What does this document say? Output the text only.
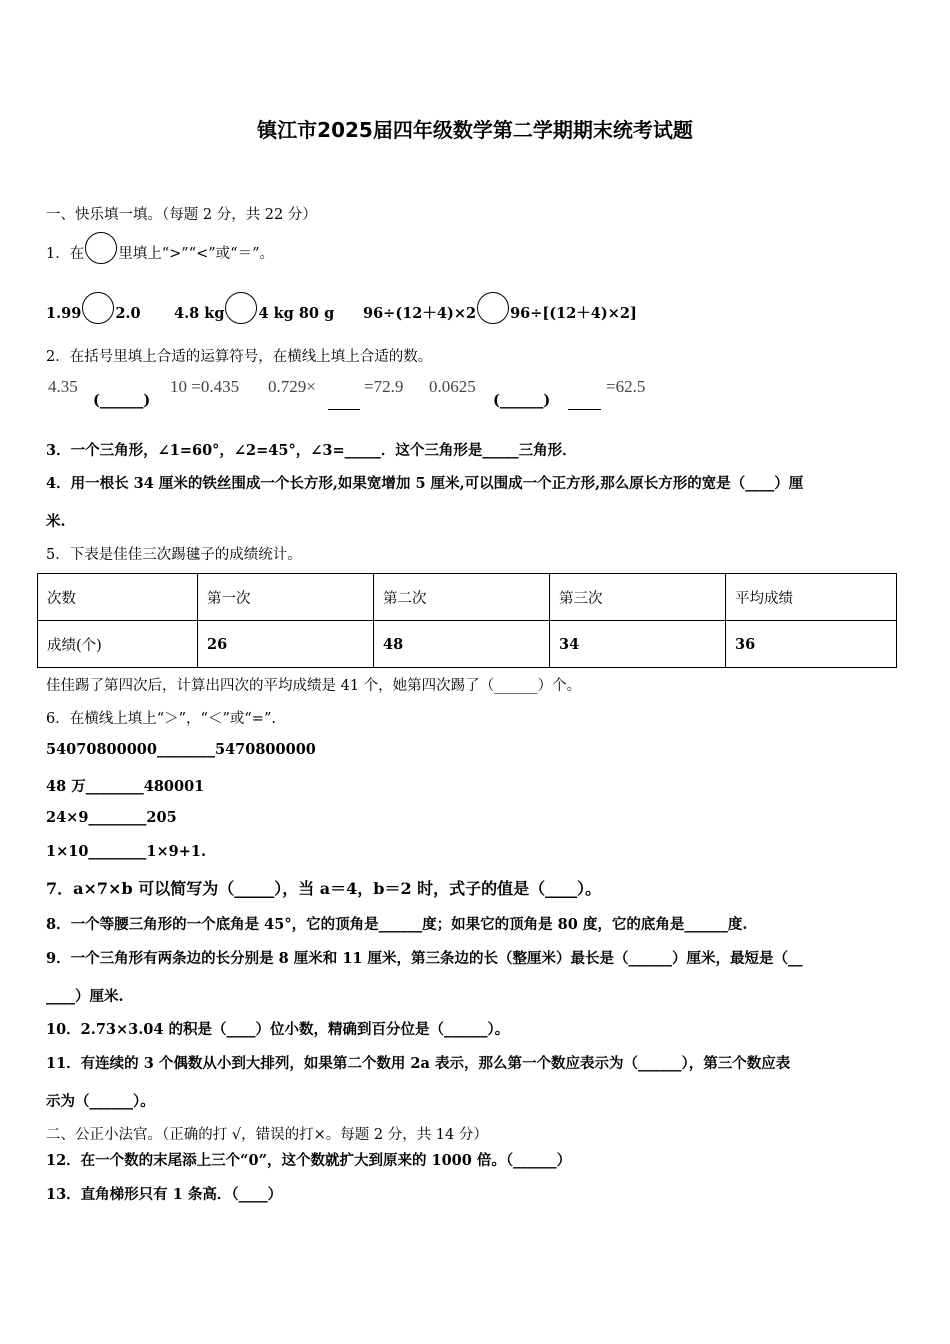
镇江市2025届四年级数学第二学期期末统考试题
一、快乐填一填。（每题 2 分，共 22 分）
1．在 里填上“>”“<”或“＝”。
1.99 2.0 4.8 kg 4 kg 80 g 96÷(12＋4)×2 96÷[(12＋4)×2]
2．在括号里填上合适的运算符号，在横线上填上合适的数。
4.35
(______)
10 =0.435 0.729×	=72.9 0.0625
(______)
=62.5
3．一个三角形，∠1=60°，∠2=45°，∠3=_____．这个三角形是_____三角形．
4．用一根长 34 厘米的铁丝围成一个长方形,如果宽增加 5 厘米,可以围成一个正方形,那么原长方形的宽是（____）厘
米.
5．下表是佳佳三次踢毽子的成绩统计。
次数	第一次	第二次	第三次	平均成绩
成绩(个)	26	48	34	36
佳佳踢了第四次后，计算出四次的平均成绩是 41 个，她第四次踢了（______）个。
6．在横线上填上“＞”，“＜”或“=”.
54070800000________5470800000
48 万________480001
24×9________205
1×10________1×9+1.
7．a×7×b 可以简写为（_____），当 a＝4，b＝2 时，式子的值是（____）。
8．一个等腰三角形的一个底角是 45°，它的顶角是______度；如果它的顶角是 80 度，它的底角是______度.
9．一个三角形有两条边的长分别是 8 厘米和 11 厘米，第三条边的长（整厘米）最长是（______）厘米，最短是（__
____）厘米.
10．2.73×3.04 的积是（____）位小数，精确到百分位是（______）。
11．有连续的 3 个偶数从小到大排列，如果第二个数用 2a 表示，那么第一个数应表示为（______），第三个数应表
示为（______）。
二、公正小法官。（正确的打 √，错误的打×。每题 2 分，共 14 分）
12．在一个数的末尾添上三个“0”，这个数就扩大到原来的 1000 倍。（______）
13．直角梯形只有 1 条高．（____）
